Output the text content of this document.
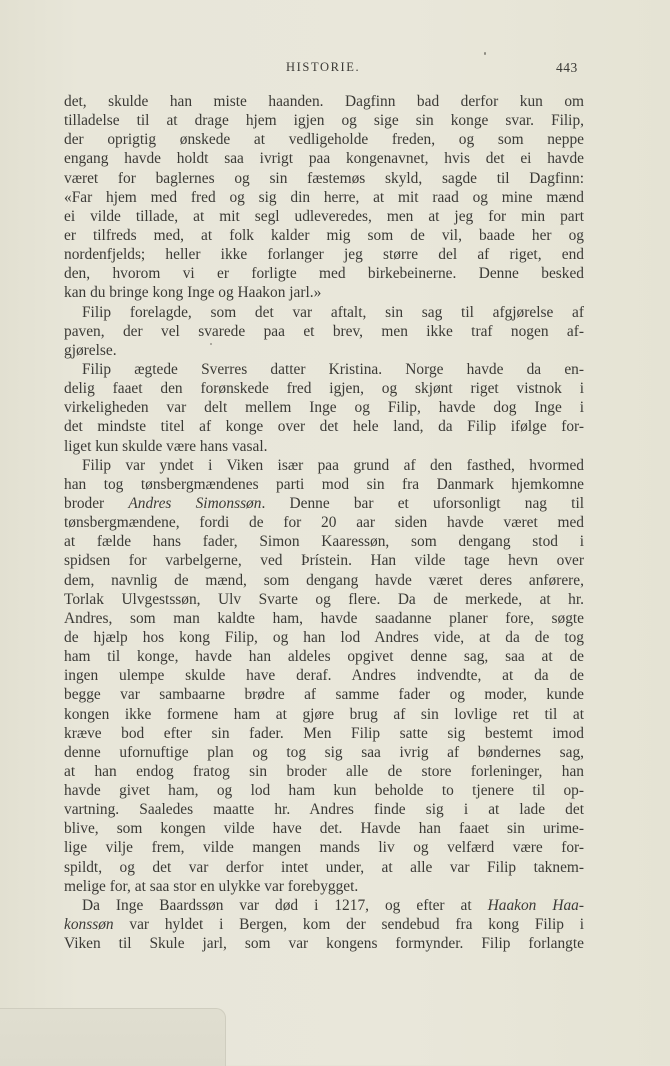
HISTORIE.	443
det, skulde han miste haanden. Dagfinn bad derfor kun om
tilladelse til at drage hjem igjen og sige sin konge svar. Filip,
der oprigtig ønskede at vedligeholde freden, og som neppe
engang havde holdt saa ivrigt paa kongenavnet, hvis det ei havde
været for baglernes og sin fæstemøs skyld, sagde til Dagfinn:
«Far hjem med fred og sig din herre, at mit raad og mine mænd
ei vilde tillade, at mit segl udleveredes, men at jeg for min part
er tilfreds med, at folk kalder mig som de vil, baade her og
nordenfjelds; heller ikke forlanger jeg større del af riget, end
den, hvorom vi er forligte med birkebeinerne. Denne besked
kan du bringe kong Inge og Haakon jarl.»
Filip forelagde, som det var aftalt, sin sag til afgjørelse af
paven, der vel svarede paa et brev, men ikke traf nogen af-
gjørelse.
Filip ægtede Sverres datter Kristina. Norge havde da en-
delig faaet den forønskede fred igjen, og skjønt riget vistnok i
virkeligheden var delt mellem Inge og Filip, havde dog Inge i
det mindste titel af konge over det hele land, da Filip ifølge for-
liget kun skulde være hans vasal.
Filip var yndet i Viken især paa grund af den fasthed, hvormed
han tog tønsbergmændenes parti mod sin fra Danmark hjemkomne
broder Andres Simonssøn. Denne bar et uforsonligt nag til
tønsbergmændene, fordi de for 20 aar siden havde været med
at fælde hans fader, Simon Kaaressøn, som dengang stod i
spidsen for varbelgerne, ved Þrístein. Han vilde tage hevn over
dem, navnlig de mænd, som dengang havde været deres anførere,
Torlak Ulvgestssøn, Ulv Svarte og flere. Da de merkede, at hr.
Andres, som man kaldte ham, havde saadanne planer fore, søgte
de hjælp hos kong Filip, og han lod Andres vide, at da de tog
ham til konge, havde han aldeles opgivet denne sag, saa at de
ingen ulempe skulde have deraf. Andres indvendte, at da de
begge var sambaarne brødre af samme fader og moder, kunde
kongen ikke formene ham at gjøre brug af sin lovlige ret til at
kræve bod efter sin fader. Men Filip satte sig bestemt imod
denne ufornuftige plan og tog sig saa ivrig af bøndernes sag,
at han endog fratog sin broder alle de store forleninger, han
havde givet ham, og lod ham kun beholde to tjenere til op-
vartning. Saaledes maatte hr. Andres finde sig i at lade det
blive, som kongen vilde have det. Havde han faaet sin urime-
lige vilje frem, vilde mangen mands liv og velfærd være for-
spildt, og det var derfor intet under, at alle var Filip taknem-
melige for, at saa stor en ulykke var forebygget.
Da Inge Baardssøn var død i 1217, og efter at Haakon Haa-
konssøn var hyldet i Bergen, kom der sendebud fra kong Filip i
Viken til Skule jarl, som var kongens formynder. Filip forlangte
